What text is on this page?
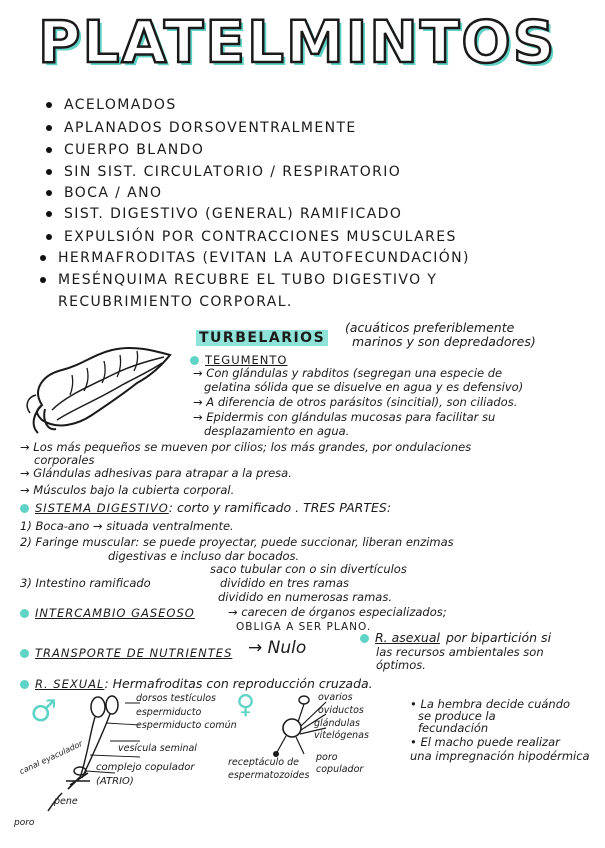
PLATELMINTOS
ACELOMADOS
APLANADOS DORSOVENTRALMENTE
CUERPO BLANDO
SIN SIST. CIRCULATORIO / RESPIRATORIO
BOCA / ANO
SIST. DIGESTIVO (GENERAL) RAMIFICADO
EXPULSIÓN POR CONTRACCIONES MUSCULARES
HERMAFRODITAS (EVITAN LA AUTOFECUNDACIÓN)
MESÉNQUIMA RECUBRE EL TUBO DIGESTIVO Y
RECUBRIMIENTO CORPORAL.
TURBELARIOS
(acuáticos preferiblemente
marinos y son depredadores)
TEGUMENTO
→ Con glándulas y rabditos (segregan una especie de
gelatina sólida que se disuelve en agua y es defensivo)
→ A diferencia de otros parásitos (sincitial), son ciliados.
→ Epidermis con glándulas mucosas para facilitar su
desplazamiento en agua.
→ Los más pequeños se mueven por cilios; los más grandes, por ondulaciones
corporales
→ Glándulas adhesivas para atrapar a la presa.
→ Músculos bajo la cubierta corporal.
SISTEMA DIGESTIVO: corto y ramificado . TRES PARTES:
1) Boca-ano → situada ventralmente.
2) Faringe muscular: se puede proyectar, puede succionar, liberan enzimas
digestivas e incluso dar bocados.
saco tubular con o sin divertículos
3) Intestino ramificado	dividido en tres ramas
dividido en numerosas ramas.
INTERCAMBIO GASEOSO	→ carecen de órganos especializados;
OBLIGA A SER PLANO.
TRANSPORTE DE NUTRIENTES → Nulo
R. asexual por bipartición si
las recursos ambientales son
óptimos.
R. SEXUAL: Hermafroditas con reproducción cruzada.
♂	dorsos testículos
espermiducto
espermiducto común
vesícula seminal
complejo copulador
(ATRIO)
canal eyaculador
pene
poro
♀	ovarios
oviductos
glándulas vitelógenas
receptáculo de espermatozoides
poro copulador
• La hembra decide cuándo
se produce la
fecundación
• El macho puede realizar
una impregnación hipodérmica
